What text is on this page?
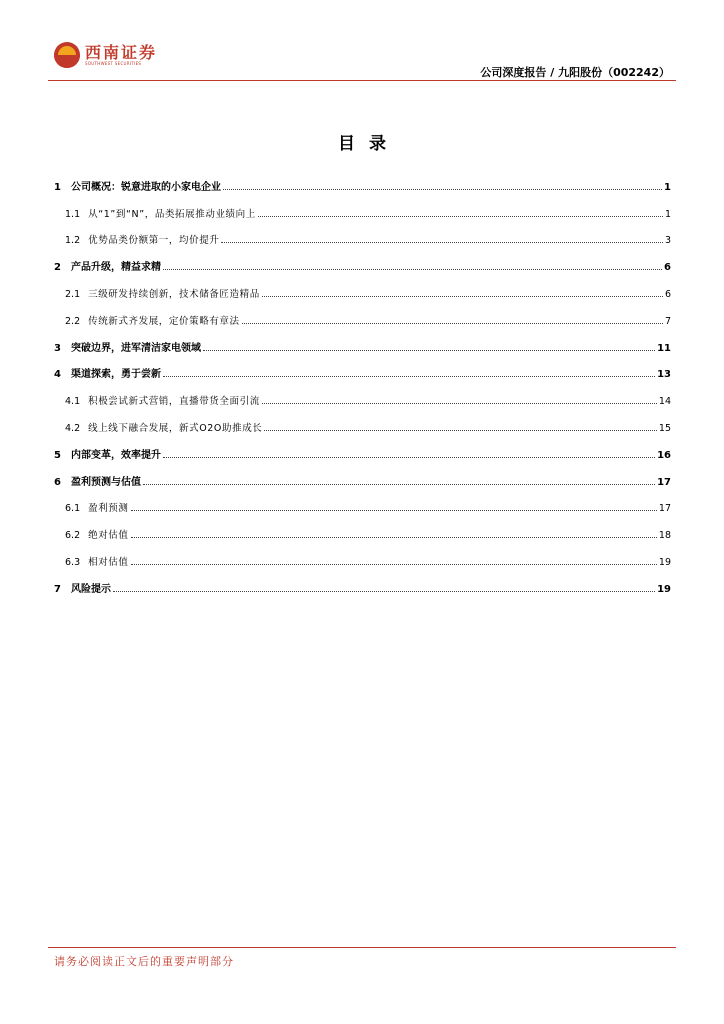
西南证券
SOUTHWEST SECURITIES
公司深度报告 / 九阳股份（002242）
目录
1 公司概况：锐意进取的小家电企业	1
1.1 从“1”到“N”，品类拓展推动业绩向上	1
1.2 优势品类份额第一，均价提升	3
2 产品升级，精益求精	6
2.1 三级研发持续创新，技术储备匠造精品	6
2.2 传统新式齐发展，定价策略有章法	7
3 突破边界，进军清洁家电领域	11
4 渠道探索，勇于尝新	13
4.1 积极尝试新式营销，直播带货全面引流	14
4.2 线上线下融合发展，新式O2O助推成长	15
5 内部变革，效率提升	16
6 盈利预测与估值	17
6.1 盈利预测	17
6.2 绝对估值	18
6.3 相对估值	19
7 风险提示	19
请务必阅读正文后的重要声明部分
